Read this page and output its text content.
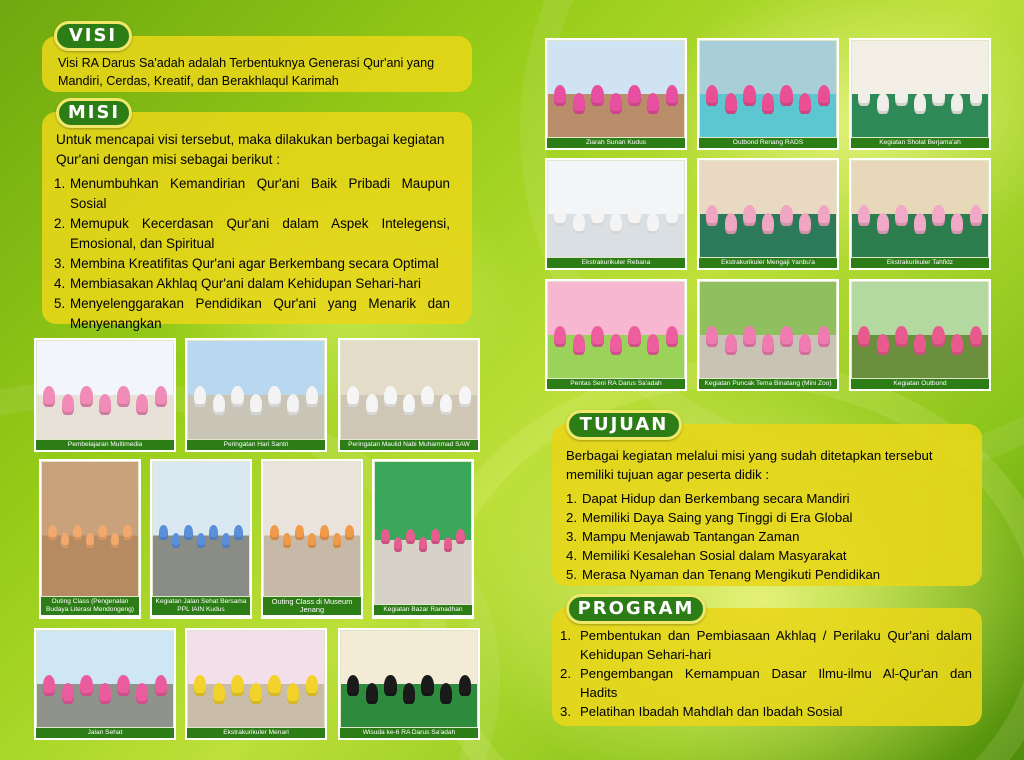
VISI
Visi RA Darus Sa'adah adalah Terbentuknya Generasi Qur'ani yang Mandiri, Cerdas, Kreatif, dan Berakhlaqul Karimah
MISI
Untuk mencapai visi tersebut, maka dilakukan berbagai kegiatan Qur'ani dengan misi sebagai berikut :
1. Menumbuhkan Kemandirian Qur'ani Baik Pribadi Maupun Sosial
2. Memupuk Kecerdasan Qur'ani dalam Aspek Intelegensi, Emosional, dan Spiritual
3. Membina Kreatifitas Qur'ani agar Berkembang secara Optimal
4. Membiasakan Akhlaq Qur'ani dalam Kehidupan Sehari-hari
5. Menyelenggarakan Pendidikan Qur'ani yang Menarik dan Menyenangkan
TUJUAN
Berbagai kegiatan melalui misi yang sudah ditetapkan tersebut memiliki tujuan agar peserta didik :
1. Dapat Hidup dan Berkembang secara Mandiri
2. Memiliki Daya Saing yang Tinggi di Era Global
3. Mampu Menjawab Tantangan Zaman
4. Memiliki Kesalehan Sosial dalam Masyarakat
5. Merasa Nyaman dan Tenang Mengikuti Pendidikan
PROGRAM
1. Pembentukan dan Pembiasaan Akhlaq / Perilaku Qur'ani dalam Kehidupan Sehari-hari
2. Pengembangan Kemampuan Dasar Ilmu-ilmu Al-Qur'an dan Hadits
3. Pelatihan Ibadah Mahdlah dan Ibadah Sosial
Ziarah Sunan Kudus	Outbond Renang RADS	Kegiatan Sholat Berjama'ah
Ekstrakurikuler Rebana	Ekstrakurikuler Mengaji Yanbu'a	Ekstrakurikuler Tahfidz
Pentas Seni RA Darus Sa'adah	Kegiatan Puncak Tema Binatang (Mini Zoo)	Kegiatan Outbond
Pembelajaran Multimedia	Peringatan Hari Santri	Peringatan Maulid Nabi Muhammad SAW
Outing Class (Pengenalan Budaya Literasi Mendongeng)
Kegiatan Jalan Sehat Bersama PPL IAIN Kudus
Outing Class di Museum Jenang	Kegiatan Bazar Ramadhan
Jalan Sehat	Ekstrakurikuler Menari	Wisuda ke-6 RA Darus Sa'adah
